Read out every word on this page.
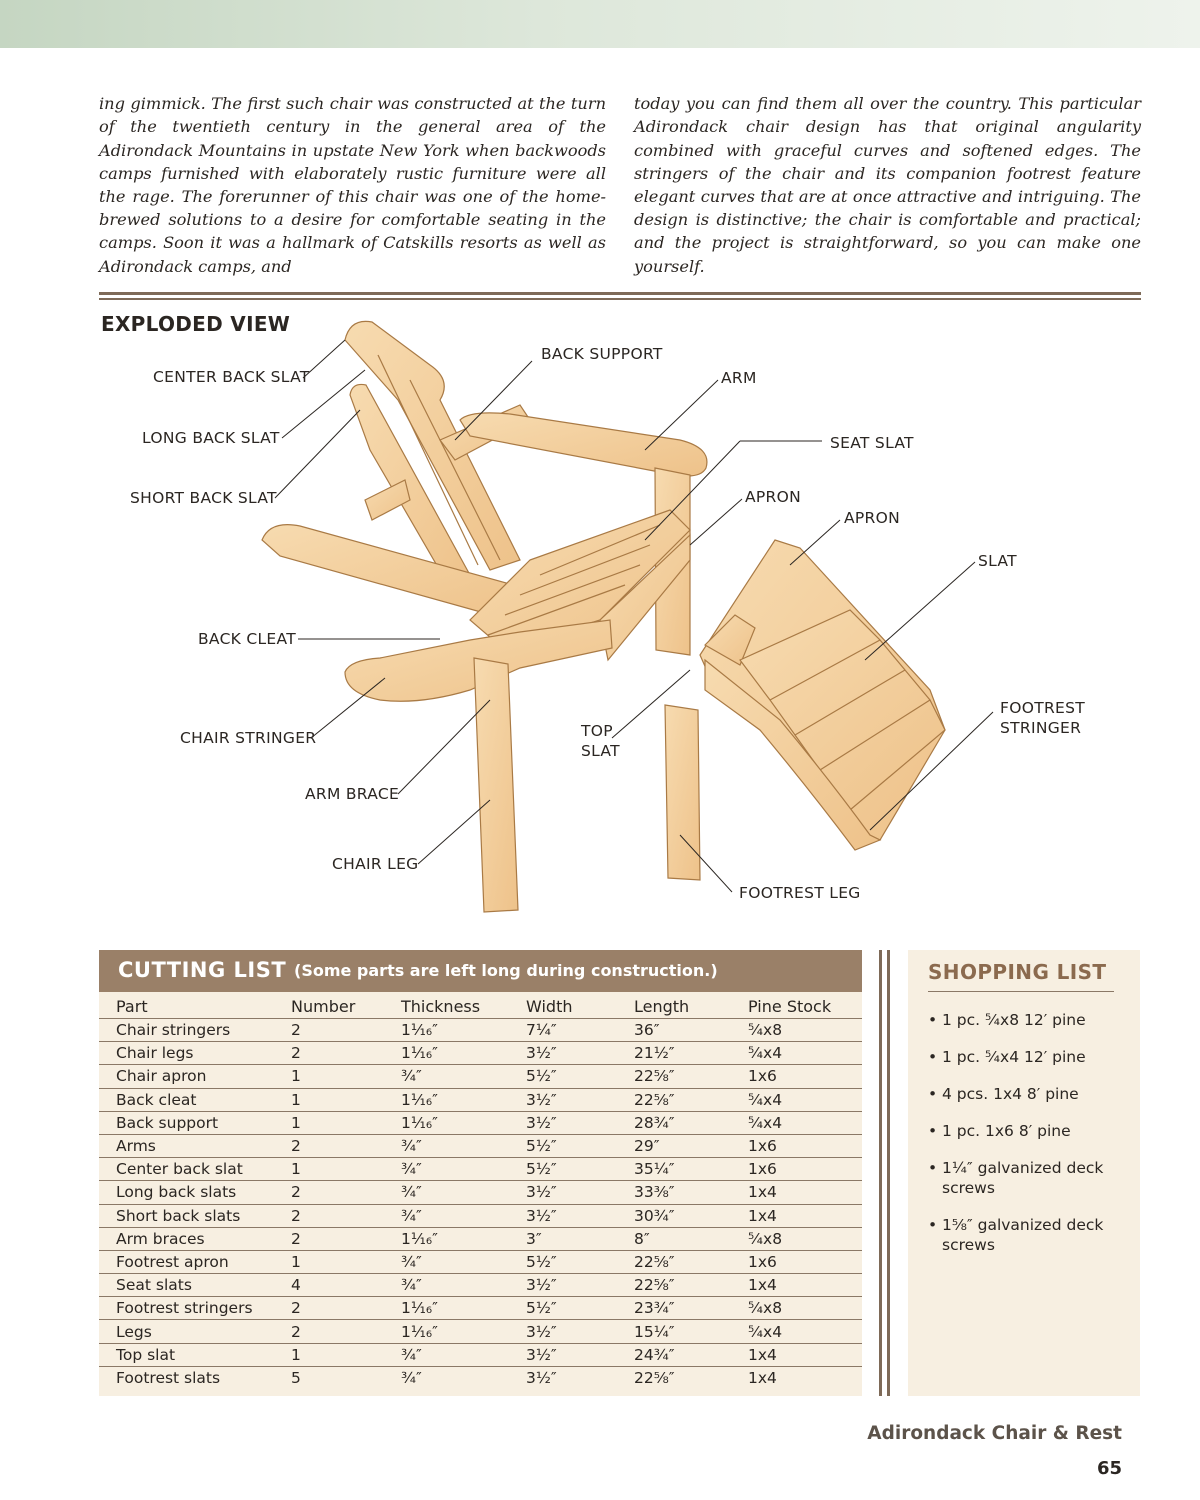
ing gimmick. The first such chair was constructed at the turn of the twentieth century in the general area of the Adirondack Mountains in upstate New York when backwoods camps furnished with elaborately rustic furniture were all the rage. The forerunner of this chair was one of the home-brewed solutions to a desire for comfortable seating in the camps. Soon it was a hallmark of Catskills resorts as well as Adirondack camps, and

today you can find them all over the country. This particular Adirondack chair design has that original angularity combined with graceful curves and softened edges. The stringers of the chair and its companion footrest feature elegant curves that are at once attractive and intriguing. The design is distinctive; the chair is comfortable and practical; and the project is straightforward, so you can make one yourself.

EXPLODED VIEW
CENTER BACK SLAT
LONG BACK SLAT
SHORT BACK SLAT
BACK SUPPORT
ARM
SEAT SLAT
APRON
APRON
SLAT
BACK CLEAT
CHAIR STRINGER
ARM BRACE
CHAIR LEG
TOP
SLAT
FOOTREST
STRINGER
FOOTREST LEG
CUTTING LIST (Some parts are left long during construction.)
Part	Number	Thickness	Width	Length	Pine Stock
Chair stringers	2	1¹⁄₁₆″	7¼″	36″	⁵⁄₄x8
Chair legs	2	1¹⁄₁₆″	3½″	21½″	⁵⁄₄x4
Chair apron	1	¾″	5½″	22⅝″	1x6
Back cleat	1	1¹⁄₁₆″	3½″	22⅝″	⁵⁄₄x4
Back support	1	1¹⁄₁₆″	3½″	28¾″	⁵⁄₄x4
Arms	2	¾″	5½″	29″	1x6
Center back slat	1	¾″	5½″	35¼″	1x6
Long back slats	2	¾″	3½″	33⅜″	1x4
Short back slats	2	¾″	3½″	30¾″	1x4
Arm braces	2	1¹⁄₁₆″	3″	8″	⁵⁄₄x8
Footrest apron	1	¾″	5½″	22⅝″	1x6
Seat slats	4	¾″	3½″	22⅝″	1x4
Footrest stringers	2	1¹⁄₁₆″	5½″	23¾″	⁵⁄₄x8
Legs	2	1¹⁄₁₆″	3½″	15¼″	⁵⁄₄x4
Top slat	1	¾″	3½″	24¾″	1x4
Footrest slats	5	¾″	3½″	22⅝″	1x4
SHOPPING LIST
• 1 pc. ⁵⁄₄x8 12′ pine
• 1 pc. ⁵⁄₄x4 12′ pine
• 4 pcs. 1x4 8′ pine
• 1 pc. 1x6 8′ pine
• 1¼″ galvanized deck screws
• 1⅝″ galvanized deck screws
Adirondack Chair & Rest
65
